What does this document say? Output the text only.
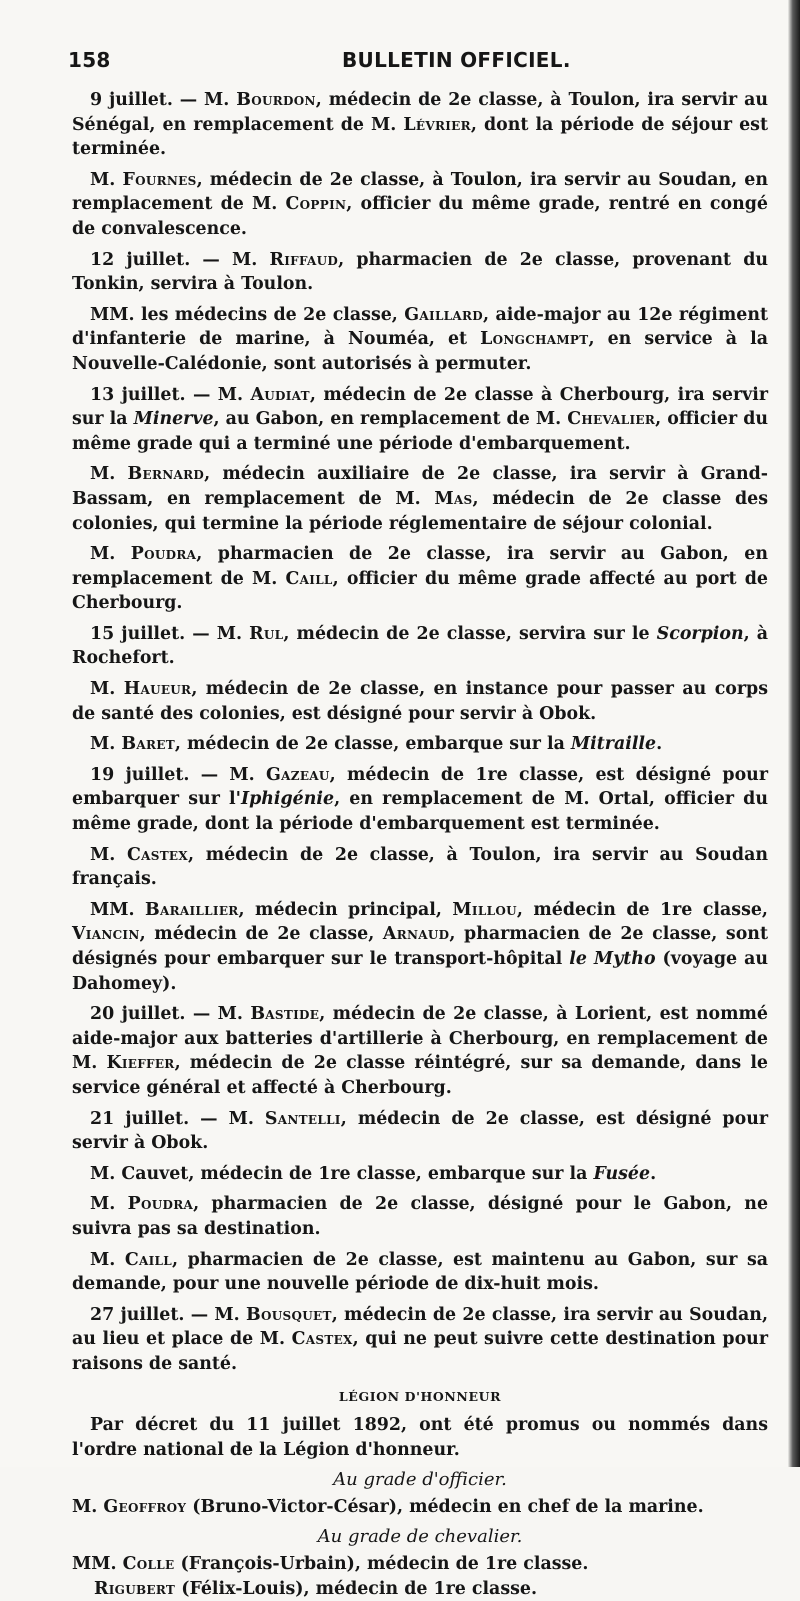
158	BULLETIN OFFICIEL.

9 juillet. — M. Bourdon, médecin de 2e classe, à Toulon, ira servir au Sénégal, en remplacement de M. Lévrier, dont la période de séjour est terminée.

M. Fournes, médecin de 2e classe, à Toulon, ira servir au Soudan, en remplacement de M. Coppin, officier du même grade, rentré en congé de convalescence.

12 juillet. — M. Riffaud, pharmacien de 2e classe, provenant du Tonkin, servira à Toulon.

MM. les médecins de 2e classe, Gaillard, aide-major au 12e régiment d'infanterie de marine, à Nouméa, et Longchampt, en service à la Nouvelle-Calédonie, sont autorisés à permuter.

13 juillet. — M. Audiat, médecin de 2e classe à Cherbourg, ira servir sur la Minerve, au Gabon, en remplacement de M. Chevalier, officier du même grade qui a terminé une période d'embarquement.

M. Bernard, médecin auxiliaire de 2e classe, ira servir à Grand-Bassam, en remplacement de M. Mas, médecin de 2e classe des colonies, qui termine la période réglementaire de séjour colonial.

M. Poudra, pharmacien de 2e classe, ira servir au Gabon, en remplacement de M. Caill, officier du même grade affecté au port de Cherbourg.

15 juillet. — M. Rul, médecin de 2e classe, servira sur le Scorpion, à Rochefort.

M. Haueur, médecin de 2e classe, en instance pour passer au corps de santé des colonies, est désigné pour servir à Obok.

M. Baret, médecin de 2e classe, embarque sur la Mitraille.

19 juillet. — M. Gazeau, médecin de 1re classe, est désigné pour embarquer sur l'Iphigénie, en remplacement de M. Ortal, officier du même grade, dont la période d'embarquement est terminée.

M. Castex, médecin de 2e classe, à Toulon, ira servir au Soudan français.

MM. Baraillier, médecin principal, Millou, médecin de 1re classe, Viancin, médecin de 2e classe, Arnaud, pharmacien de 2e classe, sont désignés pour embarquer sur le transport-hôpital le Mytho (voyage au Dahomey).

20 juillet. — M. Bastide, médecin de 2e classe, à Lorient, est nommé aide-major aux batteries d'artillerie à Cherbourg, en remplacement de M. Kieffer, médecin de 2e classe réintégré, sur sa demande, dans le service général et affecté à Cherbourg.

21 juillet. — M. Santelli, médecin de 2e classe, est désigné pour servir à Obok.

M. Cauvet, médecin de 1re classe, embarque sur la Fusée.

M. Poudra, pharmacien de 2e classe, désigné pour le Gabon, ne suivra pas sa destination.

M. Caill, pharmacien de 2e classe, est maintenu au Gabon, sur sa demande, pour une nouvelle période de dix-huit mois.

27 juillet. — M. Bousquet, médecin de 2e classe, ira servir au Soudan, au lieu et place de M. Castex, qui ne peut suivre cette destination pour raisons de santé.

LÉGION D'HONNEUR

Par décret du 11 juillet 1892, ont été promus ou nommés dans l'ordre national de la Légion d'honneur.

Au grade d'officier.

M. Geoffroy (Bruno-Victor-César), médecin en chef de la marine.

Au grade de chevalier.

MM. Colle (François-Urbain), médecin de 1re classe.

Rigubert (Félix-Louis), médecin de 1re classe.
